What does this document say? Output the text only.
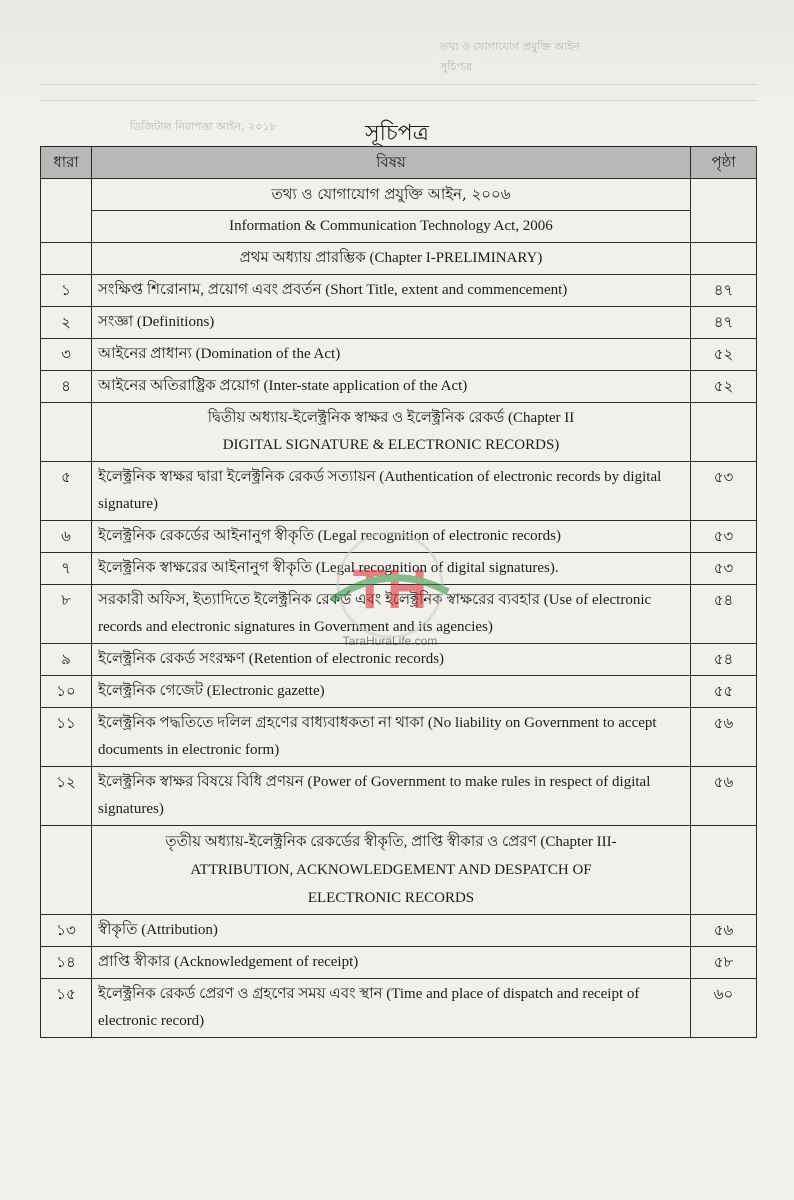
তথ্য ও যোগাযোগ প্রযুক্তি আইন
সূচিপত্র
ডিজিটাল নিরাপত্তা আইন, ২০১৮	সূচিপত্র
ধারা	বিষয়	পৃষ্ঠা
	তথ্য ও যোগাযোগ প্রযুক্তি আইন, ২০০৬	
	Information & Communication Technology Act, 2006	
	প্রথম অধ্যায় প্রারম্ভিক (Chapter I-PRELIMINARY)	
১	সংক্ষিপ্ত শিরোনাম, প্রয়োগ এবং প্রবর্তন (Short Title, extent and commencement)	৪৭
২	সংজ্ঞা (Definitions)	৪৭
৩	আইনের প্রাধান্য (Domination of the Act)	৫২
৪	আইনের অতিরাষ্ট্রিক প্রয়োগ (Inter-state application of the Act)	৫২

	দ্বিতীয় অধ্যায়-ইলেক্ট্রনিক স্বাক্ষর ও ইলেক্ট্রনিক রেকর্ড (Chapter II
DIGITAL SIGNATURE & ELECTRONIC RECORDS)	

৫	ইলেক্ট্রনিক স্বাক্ষর দ্বারা ইলেক্ট্রনিক রেকর্ড সত্যায়ন (Authentication of electronic records by digital signature)	৫৩
৬	ইলেক্ট্রনিক রেকর্ডের আইনানুগ স্বীকৃতি (Legal recognition of electronic records)	৫৩
৭	ইলেক্ট্রনিক স্বাক্ষরের আইনানুগ স্বীকৃতি (Legal recognition of digital signatures).	৫৩
৮	সরকারী অফিস, ইত্যাদিতে ইলেক্ট্রনিক রেকর্ড এবং ইলেক্ট্রনিক স্বাক্ষরের ব্যবহার (Use of electronic records and electronic signatures in Government and its agencies)	৫৪
৯	ইলেক্ট্রনিক রেকর্ড সংরক্ষণ (Retention of electronic records)	৫৪
১০	ইলেক্ট্রনিক গেজেট (Electronic gazette)	৫৫
১১	ইলেক্ট্রনিক পদ্ধতিতে দলিল গ্রহণের বাধ্যবাধকতা না থাকা (No liability on Government to accept documents in electronic form)	৫৬
১২	ইলেক্ট্রনিক স্বাক্ষর বিষয়ে বিধি প্রণয়ন (Power of Government to make rules in respect of digital signatures)	৫৬

	তৃতীয় অধ্যায়-ইলেক্ট্রনিক রেকর্ডের স্বীকৃতি, প্রাপ্তি স্বীকার ও প্রেরণ (Chapter III-
ATTRIBUTION, ACKNOWLEDGEMENT AND DESPATCH OF
ELECTRONIC RECORDS	

১৩	স্বীকৃতি (Attribution)	৫৬
১৪	প্রাপ্তি স্বীকার (Acknowledgement of receipt)	৫৮
১৫	ইলেক্ট্রনিক রেকর্ড প্রেরণ ও গ্রহণের সময় এবং স্থান (Time and place of dispatch and receipt of electronic record)	৬০
TH
TaraHuraLife.com
